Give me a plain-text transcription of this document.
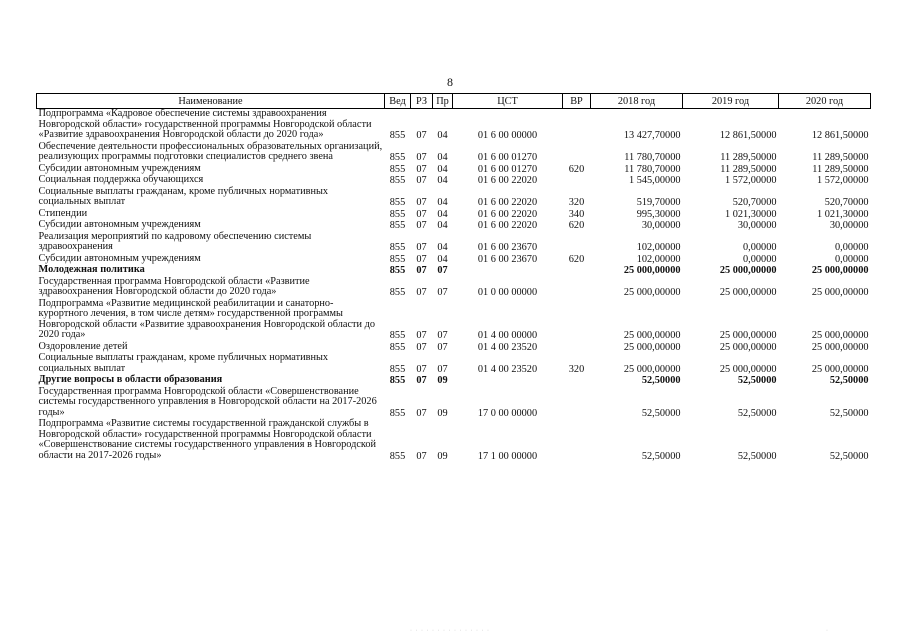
8
Наименование	Вед	РЗ	Пр	ЦСТ	ВР	2018 год	2019 год	2020 год
Подпрограмма «Кадровое обеспечение системы здравоохранения Новгородской области» государственной программы Новгородской области «Развитие здравоохранения Новгородской области до 2020 года»	855	07	04	01 6 00 00000		13 427,70000	12 861,50000	12 861,50000
Обеспечение деятельности профессиональных образовательных организаций, реализующих программы подготовки специалистов среднего звена	855	07	04	01 6 00 01270		11 780,70000	11 289,50000	11 289,50000
Субсидии автономным учреждениям	855	07	04	01 6 00 01270	620	11 780,70000	11 289,50000	11 289,50000
Социальная поддержка обучающихся	855	07	04	01 6 00 22020		1 545,00000	1 572,00000	1 572,00000
Социальные выплаты гражданам, кроме публичных нормативных социальных выплат	855	07	04	01 6 00 22020	320	519,70000	520,70000	520,70000
Стипендии	855	07	04	01 6 00 22020	340	995,30000	1 021,30000	1 021,30000
Субсидии автономным учреждениям	855	07	04	01 6 00 22020	620	30,00000	30,00000	30,00000
Реализация мероприятий по кадровому обеспечению системы здравоохранения	855	07	04	01 6 00 23670		102,00000	0,00000	0,00000
Субсидии автономным учреждениям	855	07	04	01 6 00 23670	620	102,00000	0,00000	0,00000
Молодежная политика	855	07	07			25 000,00000	25 000,00000	25 000,00000
Государственная программа Новгородской области «Развитие здравоохранения Новгородской области до 2020 года»	855	07	07	01 0 00 00000		25 000,00000	25 000,00000	25 000,00000
Подпрограмма «Развитие медицинской реабилитации и санаторно-курортного лечения, в том числе детям» государственной программы Новгородской области «Развитие здравоохранения Новгородской области до 2020 года»	855	07	07	01 4 00 00000		25 000,00000	25 000,00000	25 000,00000
Оздоровление детей	855	07	07	01 4 00 23520		25 000,00000	25 000,00000	25 000,00000
Социальные выплаты гражданам, кроме публичных нормативных социальных выплат	855	07	07	01 4 00 23520	320	25 000,00000	25 000,00000	25 000,00000
Другие вопросы в области образования	855	07	09			52,50000	52,50000	52,50000
Государственная программа Новгородской области «Совершенствование системы государственного управления в Новгородской области на 2017-2026 годы»	855	07	09	17 0 00 00000		52,50000	52,50000	52,50000
Подпрограмма «Развитие системы государственной гражданской службы в Новгородской области» государственной программы Новгородской области «Совершенствование системы государственного управления в Новгородской области на 2017-2026 годы»	855	07	09	17 1 00 00000		52,50000	52,50000	52,50000
· · · · · · · · · · · · · · ·	·
